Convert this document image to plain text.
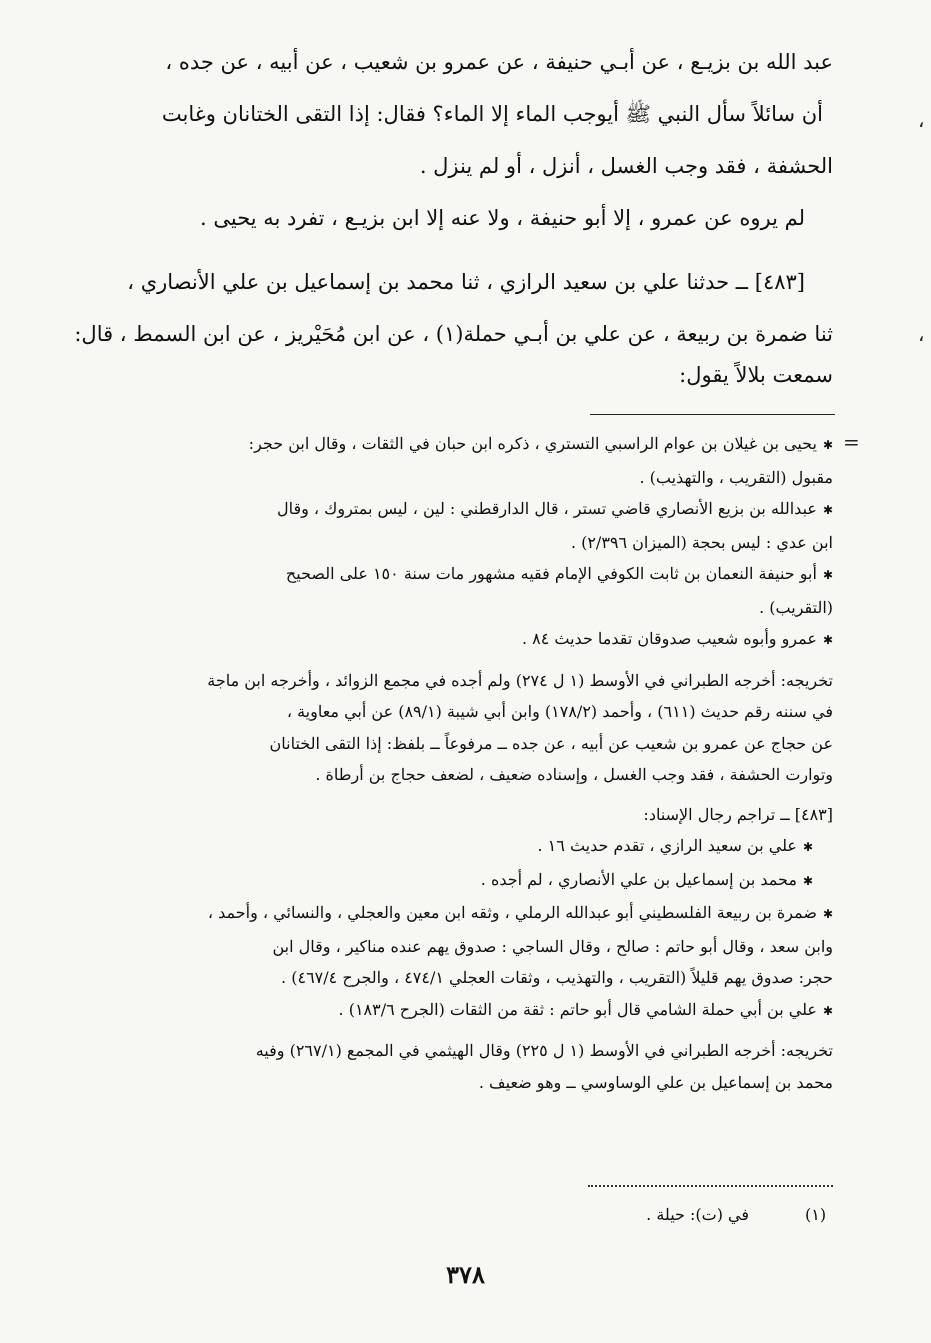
عبد الله بن بزيـع ، عن أبـي حنيفة ، عن عمرو بن شعيب ، عن أبيه ، عن جده ،

أن سائلاً سأل النبي ﷺ أيوجب الماء إلا الماء؟ فقال: إذا التقى الختانان وغابت

الحشفة ، فقد وجب الغسل ، أنزل ، أو لم ينزل .

لم يروه عن عمرو ، إلا أبو حنيفة ، ولا عنه إلا ابن بزيـع ، تفرد به يحيى .

[٤٨٣] ــ حدثنا علي بن سعيد الرازي ، ثنا محمد بن إسماعيل بن علي الأنصاري ،

ثنا ضمرة بن ربيعة ، عن علي بن أبـي حملة(١) ، عن ابن مُحَيْريز ، عن ابن السمط ، قال:

سمعت بلالاً يقول:

،
،
=

✱ يحيى بن غيلان بن عوام الراسبي التستري ، ذكره ابن حبان في الثقات ، وقال ابن حجر:

مقبول (التقريب ، والتهذيب) .

✱ عبدالله بن بزيع الأنصاري قاضي تستر ، قال الدارقطني : لين ، ليس بمتروك ، وقال

ابن عدي : ليس بحجة (الميزان ٢/٣٩٦) .

✱ أبو حنيفة النعمان بن ثابت الكوفي الإمام فقيه مشهور مات سنة ١٥٠ على الصحيح

(التقريب) .

✱ عمرو وأبوه شعيب صدوقان تقدما حديث ٨٤ .

تخريجه: أخرجه الطبراني في الأوسط (١ ل ٢٧٤) ولم أجده في مجمع الزوائد ، وأخرجه ابن ماجة

في سننه رقم حديث (٦١١) ، وأحمد (١٧٨/٢) وابن أبي شيبة (٨٩/١) عن أبي معاوية ،

عن حجاج عن عمرو بن شعيب عن أبيه ، عن جده ــ مرفوعاً ــ بلفظ: إذا التقى الختانان

وتوارت الحشفة ، فقد وجب الغسل ، وإسناده ضعيف ، لضعف حجاج بن أرطاة .

[٤٨٣] ــ تراجم رجال الإسناد:

✱ علي بن سعيد الرازي ، تقدم حديث ١٦ .

✱ محمد بن إسماعيل بن علي الأنصاري ، لم أجده .

✱ ضمرة بن ربيعة الفلسطيني أبو عبدالله الرملي ، وثقه ابن معين والعجلي ، والنسائي ، وأحمد ،

وابن سعد ، وقال أبو حاتم : صالح ، وقال الساجي : صدوق يهم عنده مناكير ، وقال ابن

حجر: صدوق يهم قليلاً (التقريب ، والتهذيب ، وثقات العجلي ٤٧٤/١ ، والجرح ٤٦٧/٤) .

✱ علي بن أبي حملة الشامي قال أبو حاتم : ثقة من الثقات (الجرح ١٨٣/٦) .

تخريجه: أخرجه الطبراني في الأوسط (١ ل ٢٢٥) وقال الهيثمي في المجمع (٢٦٧/١) وفيه

محمد بن إسماعيل بن علي الوساوسي ــ وهو ضعيف .

(١)
في (ت): حيلة .
٣٧٨
